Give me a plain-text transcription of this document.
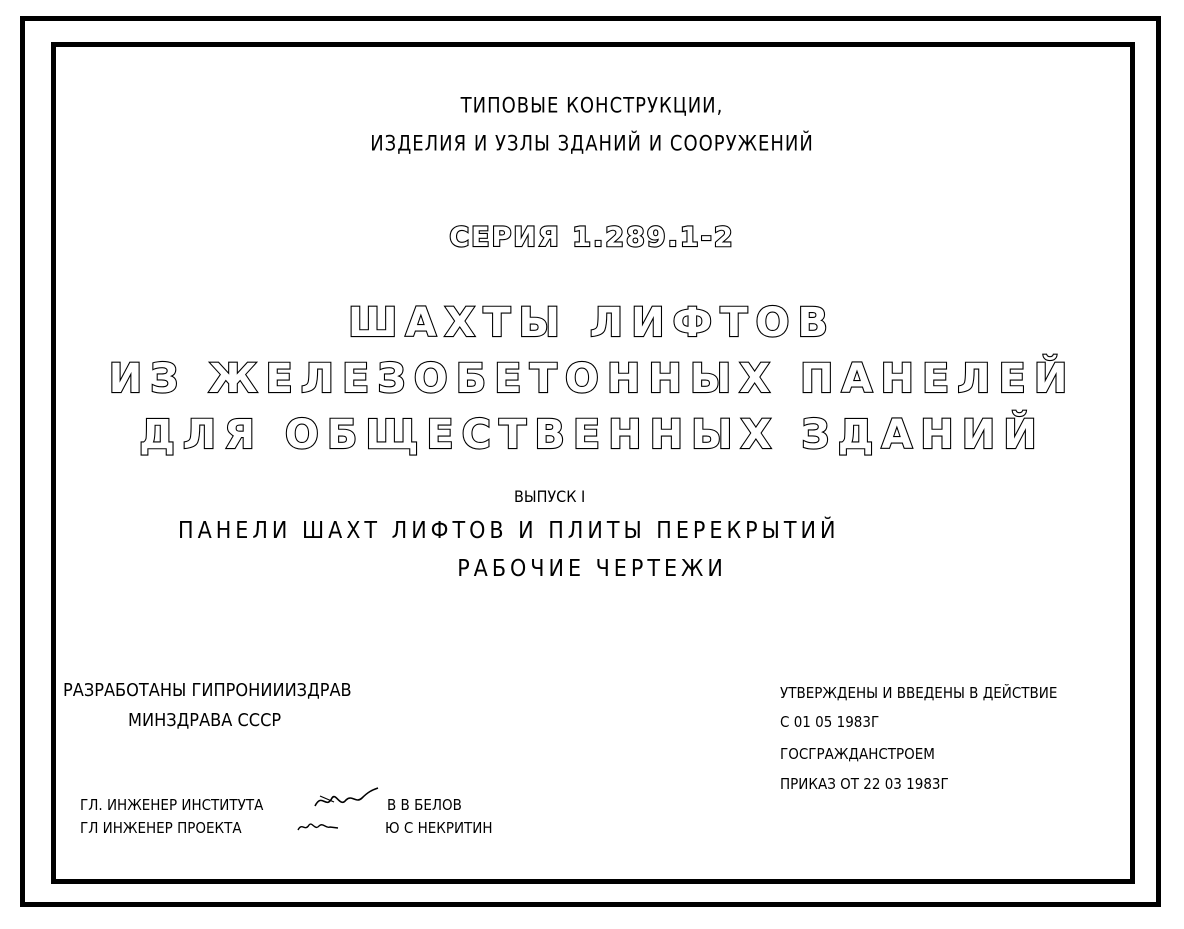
ТИПОВЫЕ КОНСТРУКЦИИ,
ИЗДЕЛИЯ И УЗЛЫ ЗДАНИЙ И СООРУЖЕНИЙ
СЕРИЯ 1.289.1-2
ШАХТЫ ЛИФТОВ
ИЗ ЖЕЛЕЗОБЕТОННЫХ ПАНЕЛЕЙ
ДЛЯ ОБЩЕСТВЕННЫХ ЗДАНИЙ
ВЫПУСК I
ПАНЕЛИ ШАХТ ЛИФТОВ И ПЛИТЫ ПЕРЕКРЫТИЙ
РАБОЧИЕ ЧЕРТЕЖИ
РАЗРАБОТАНЫ ГИПРОНИИИЗДРАВ
МИНЗДРАВА СССР
УТВЕРЖДЕНЫ И ВВЕДЕНЫ В ДЕЙСТВИЕ
С 01 05 1983Г
ГОСГРАЖДАНСТРОЕМ
ПРИКАЗ ОТ 22 03 1983Г
ГЛ. ИНЖЕНЕР ИНСТИТУТА	В В БЕЛОВ
ГЛ ИНЖЕНЕР ПРОЕКТА	Ю С НЕКРИТИН
